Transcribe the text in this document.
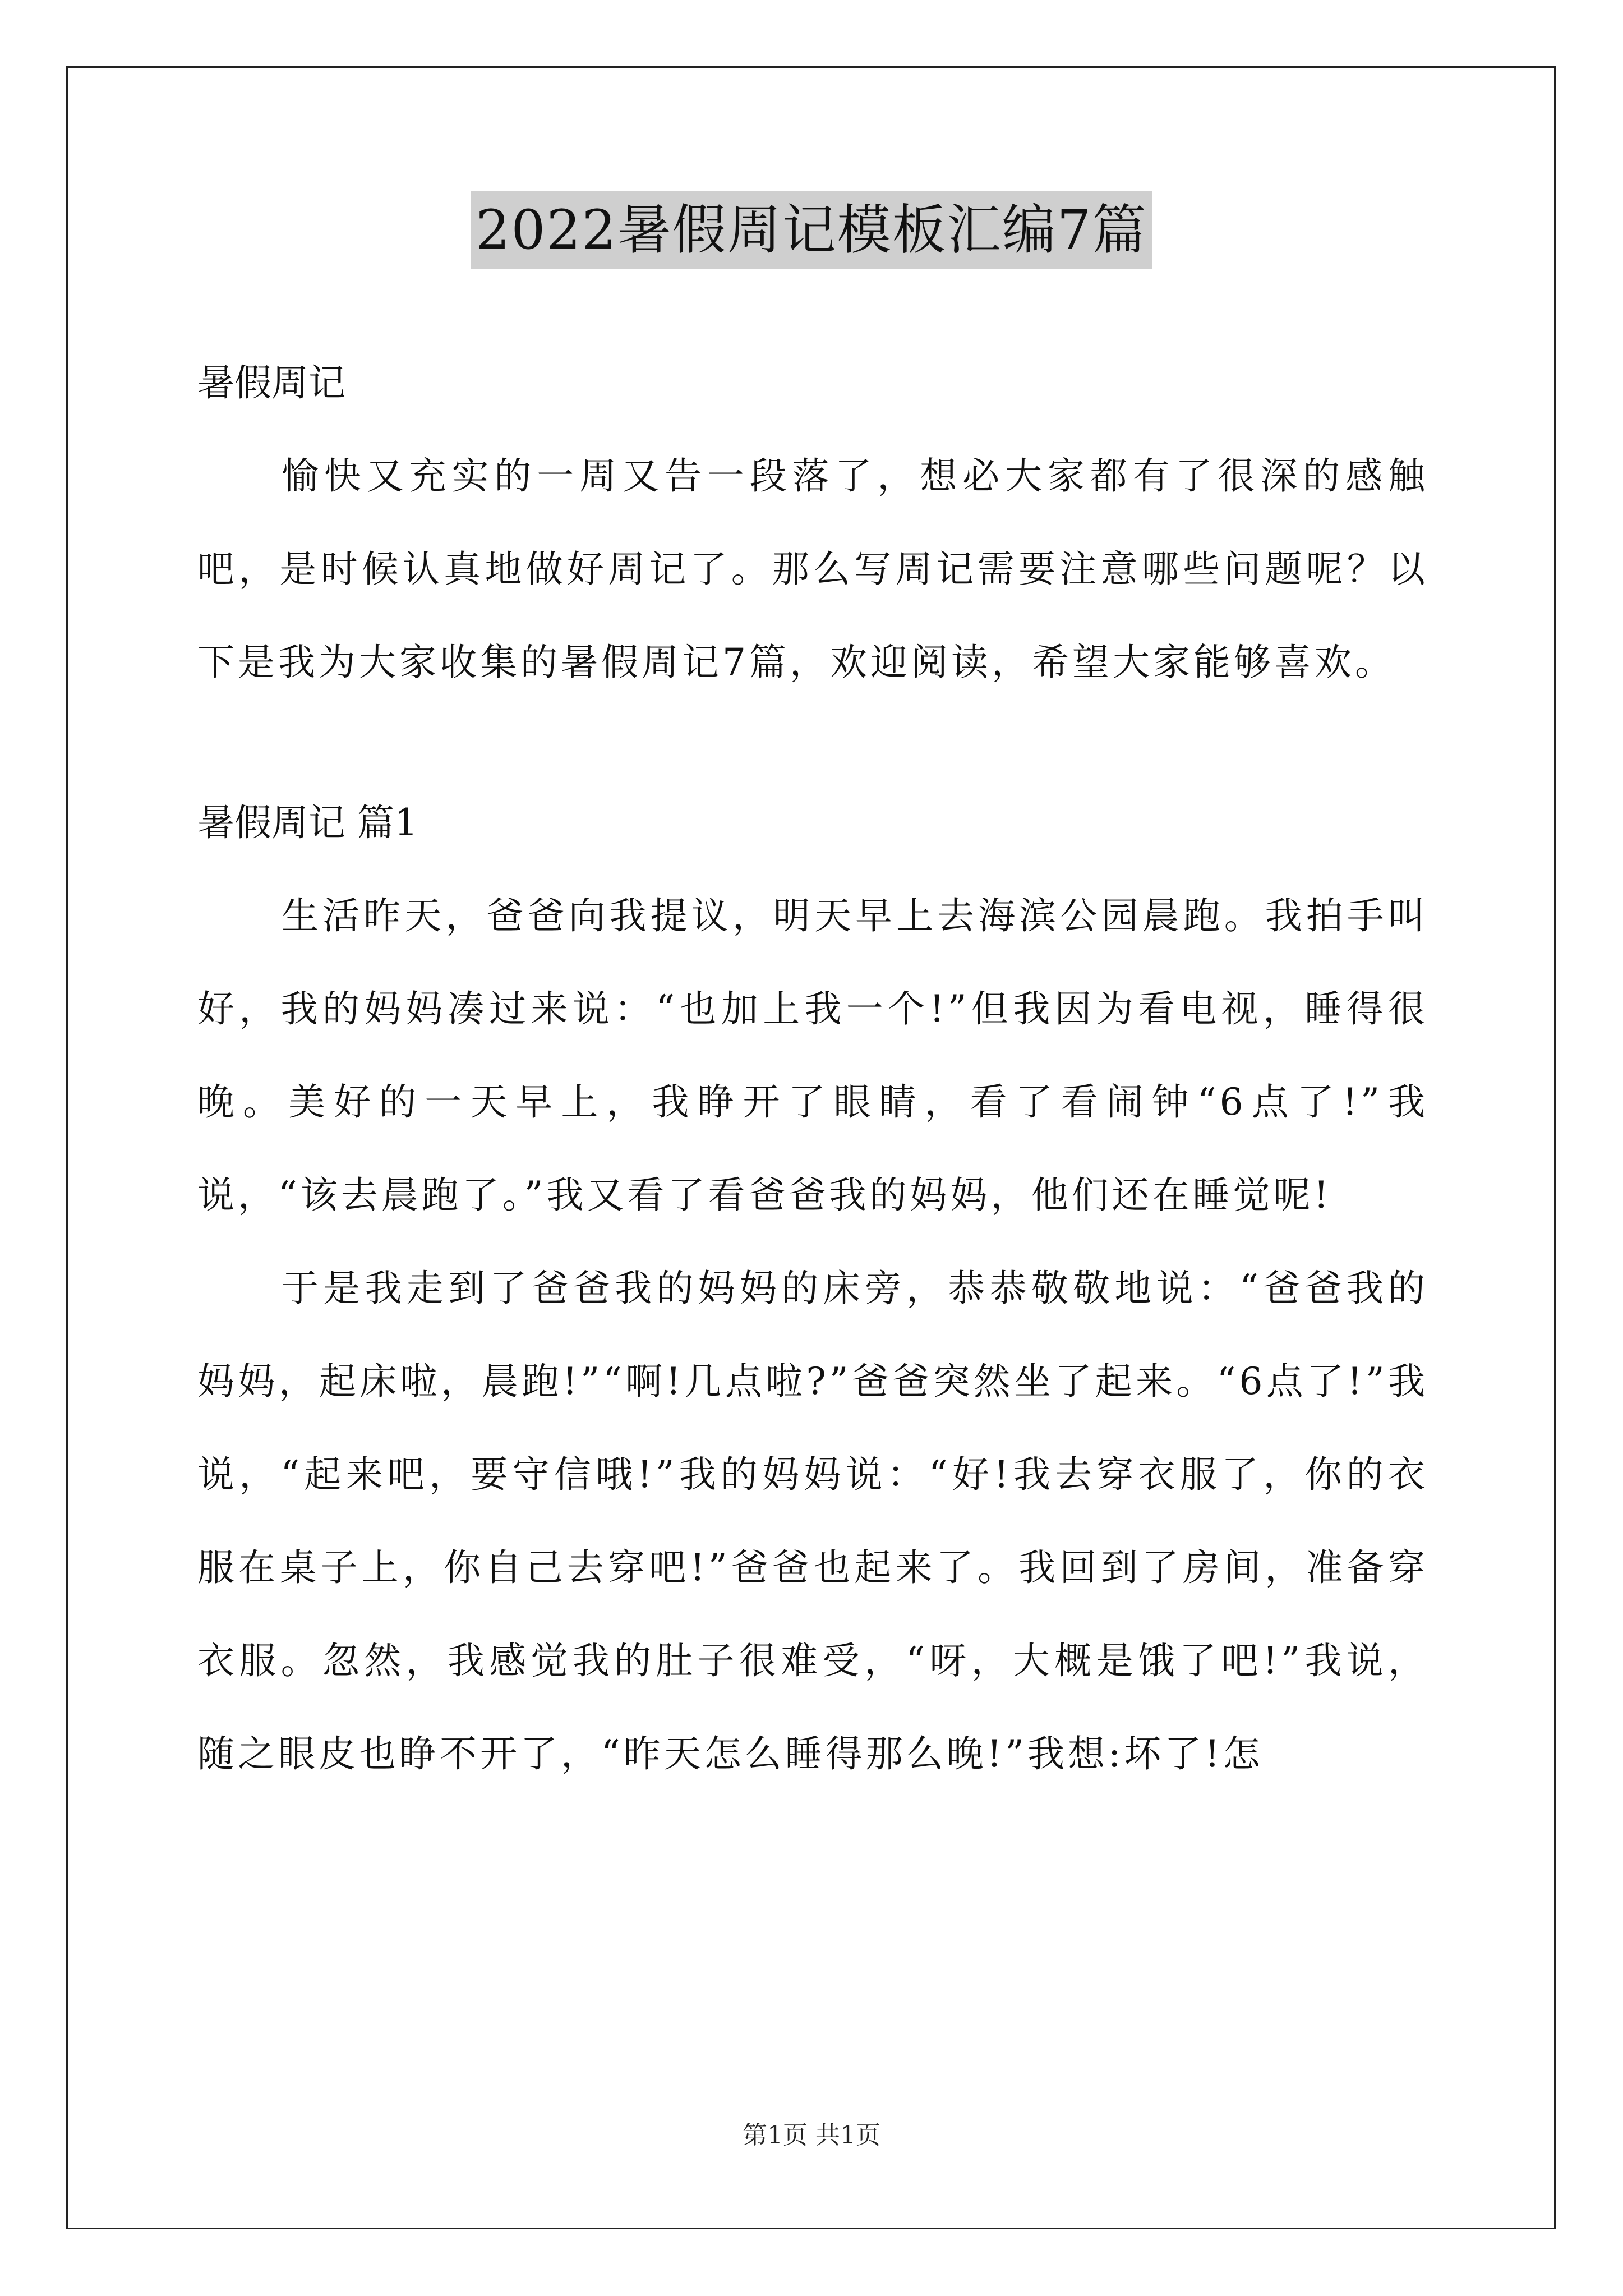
2022暑假周记模板汇编7篇

暑假周记

愉快又充实的一周又告一段落了，想必大家都有了很深的感触吧，是时候认真地做好周记了。那么写周记需要注意哪些问题呢？以下是我为大家收集的暑假周记7篇，欢迎阅读，希望大家能够喜欢。

暑假周记 篇1

生活昨天，爸爸向我提议，明天早上去海滨公园晨跑。我拍手叫好，我的妈妈凑过来说：“也加上我一个!”但我因为看电视，睡得很晚。美好的一天早上，我睁开了眼睛，看了看闹钟“6点了!”我说，“该去晨跑了。”我又看了看爸爸我的妈妈，他们还在睡觉呢!

于是我走到了爸爸我的妈妈的床旁，恭恭敬敬地说：“爸爸我的妈妈，起床啦，晨跑!”“啊!几点啦?”爸爸突然坐了起来。“6点了!”我说，“起来吧，要守信哦!”我的妈妈说：“好!我去穿衣服了，你的衣服在桌子上，你自己去穿吧!”爸爸也起来了。我回到了房间，准备穿衣服。忽然，我感觉我的肚子很难受，“呀，大概是饿了吧!”我说，随之眼皮也睁不开了，“昨天怎么睡得那么晚!”我想:坏了!怎

第1页 共1页
